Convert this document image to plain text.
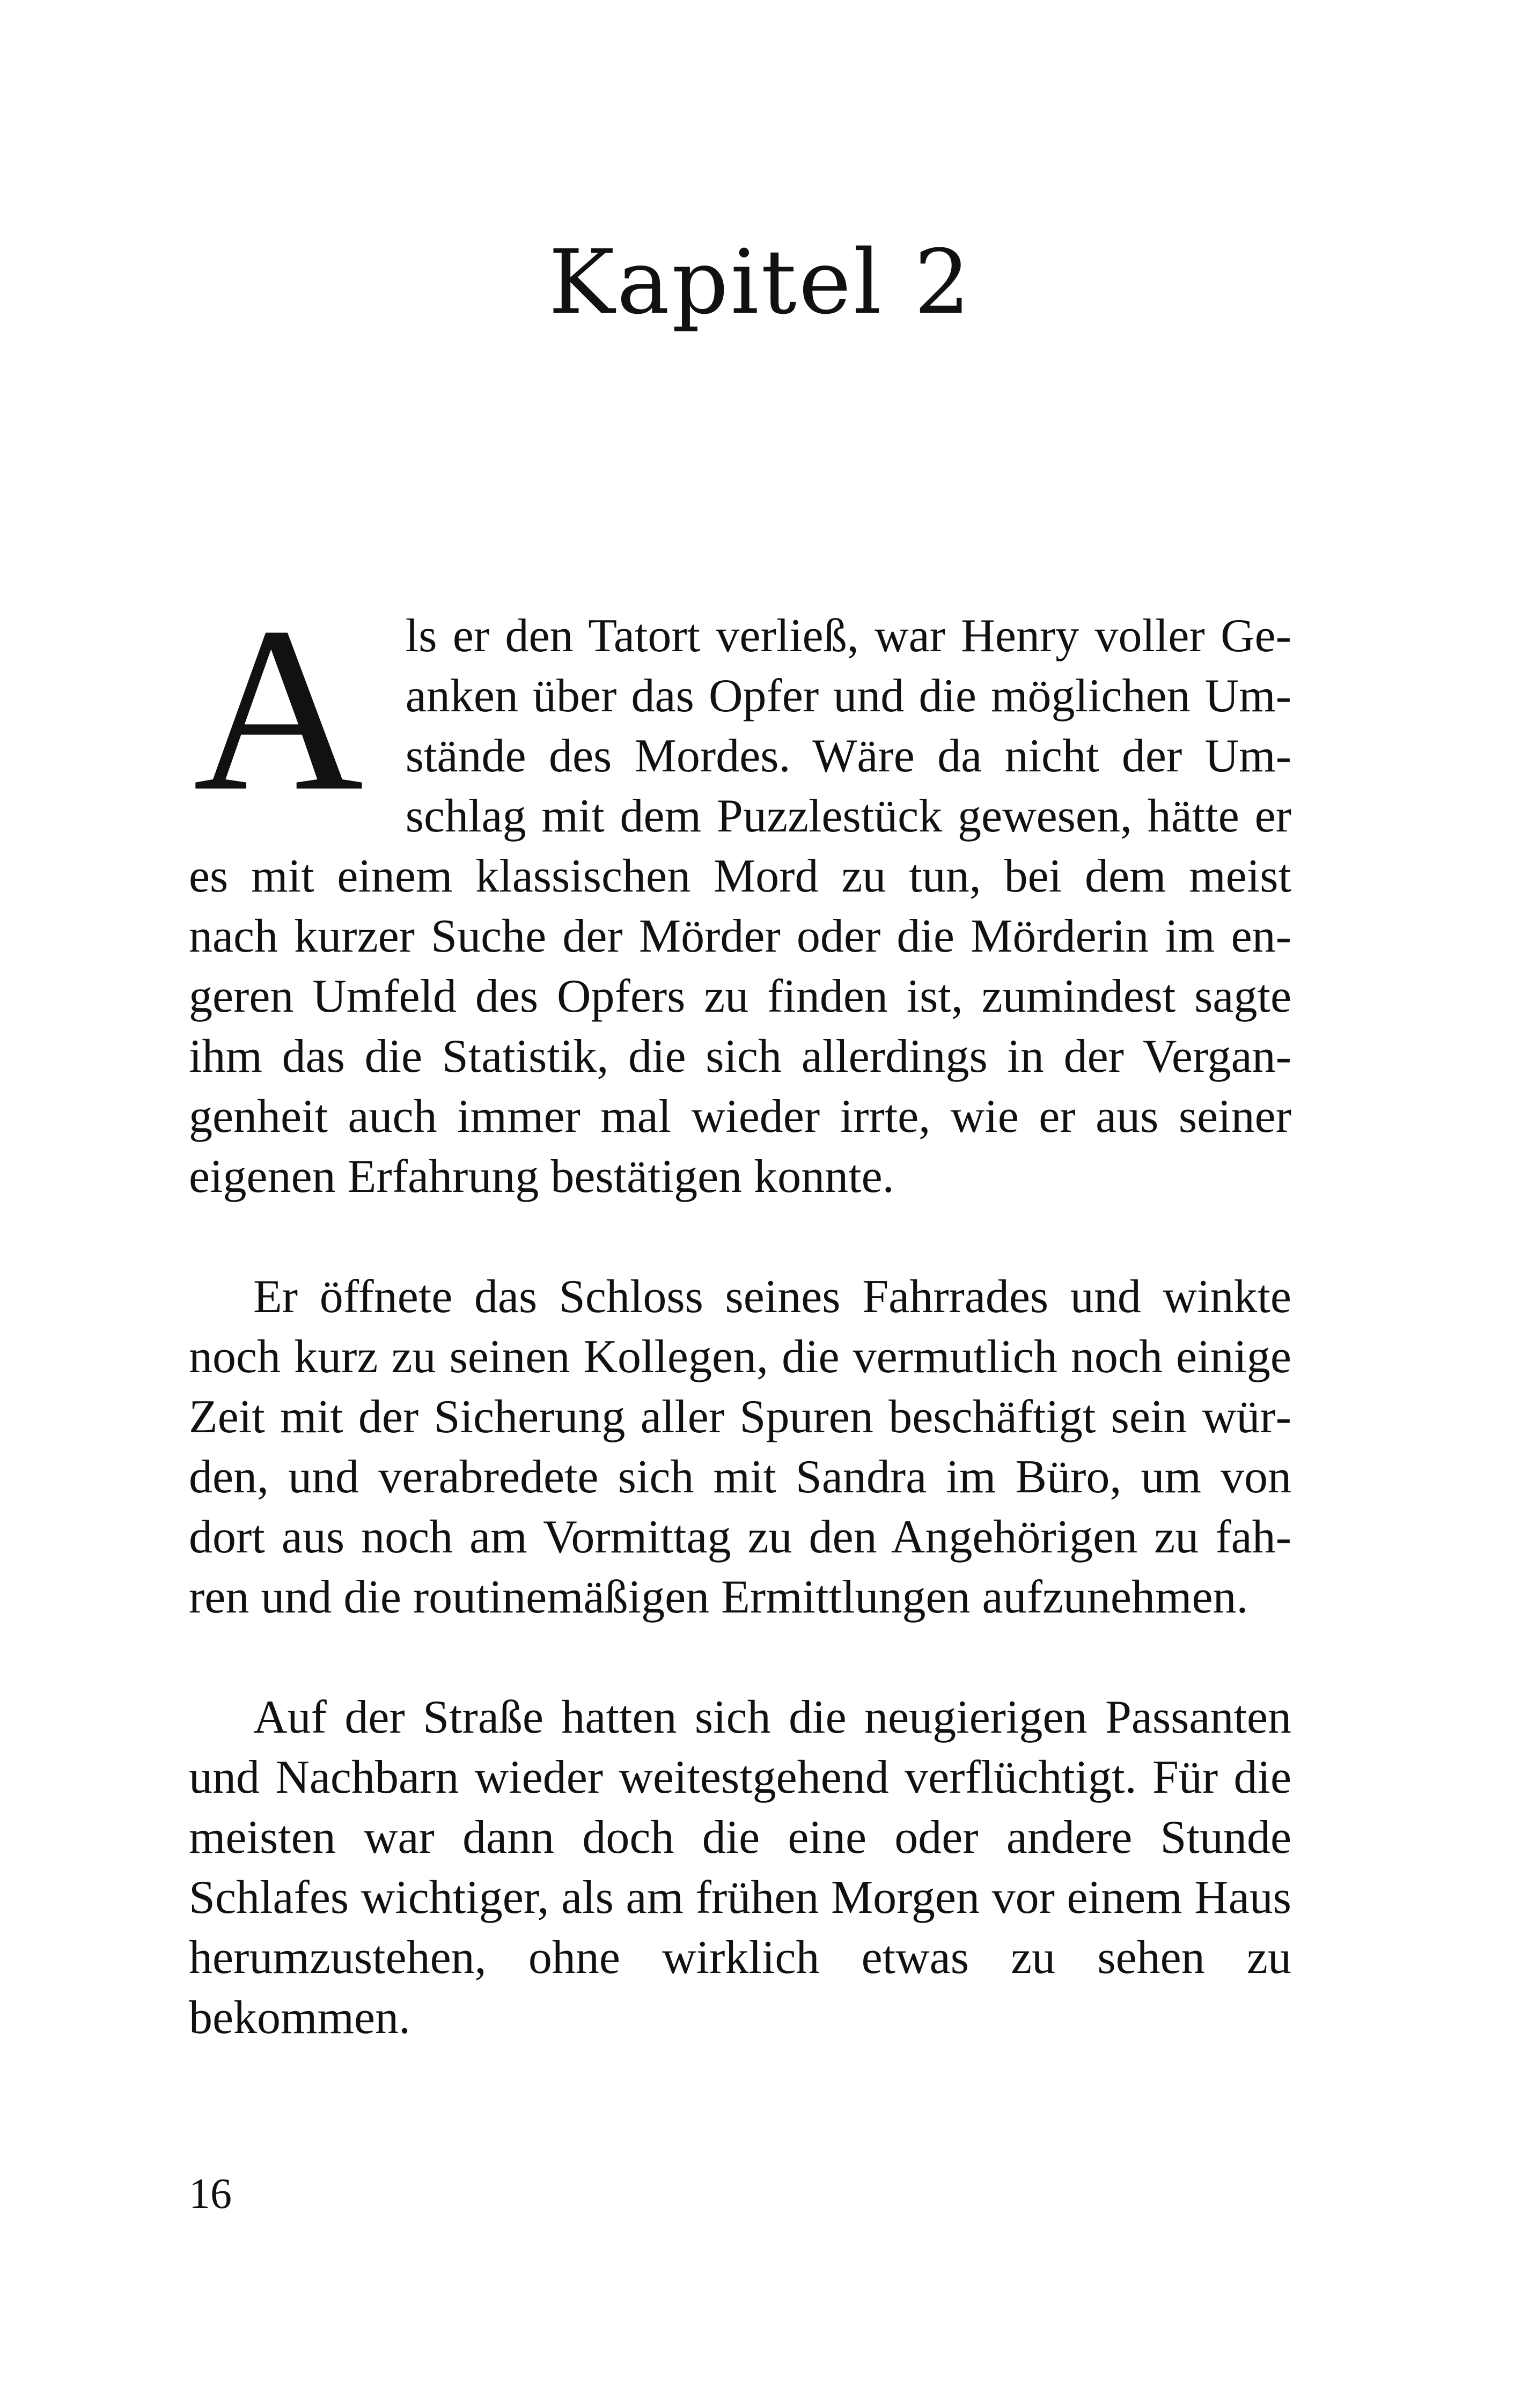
Kapitel 2

Als er den Tatort verließ, war Henry voller Geanken über das Opfer und die möglichen Umstände des Mordes. Wäre da nicht der Umschlag mit dem Puzzlestück gewesen, hätte er es mit einem klassischen Mord zu tun, bei dem meist nach kurzer Suche der Mörder oder die Mörderin im engeren Umfeld des Opfers zu finden ist, zumindest sagte ihm das die Statistik, die sich allerdings in der Vergangenheit auch immer mal wieder irrte, wie er aus seiner eigenen Erfahrung bestätigen konnte.

Er öffnete das Schloss seines Fahrrades und winkte noch kurz zu seinen Kollegen, die vermutlich noch einige Zeit mit der Sicherung aller Spuren beschäftigt sein würden, und verabredete sich mit Sandra im Büro, um von dort aus noch am Vormittag zu den Angehörigen zu fahren und die routinemäßigen Ermittlungen aufzunehmen.

Auf der Straße hatten sich die neugierigen Passanten und Nachbarn wieder weitestgehend verflüchtigt. Für die meisten war dann doch die eine oder andere Stunde Schlafes wichtiger, als am frühen Morgen vor einem Haus herumzustehen, ohne wirklich etwas zu sehen zu bekommen.

16
